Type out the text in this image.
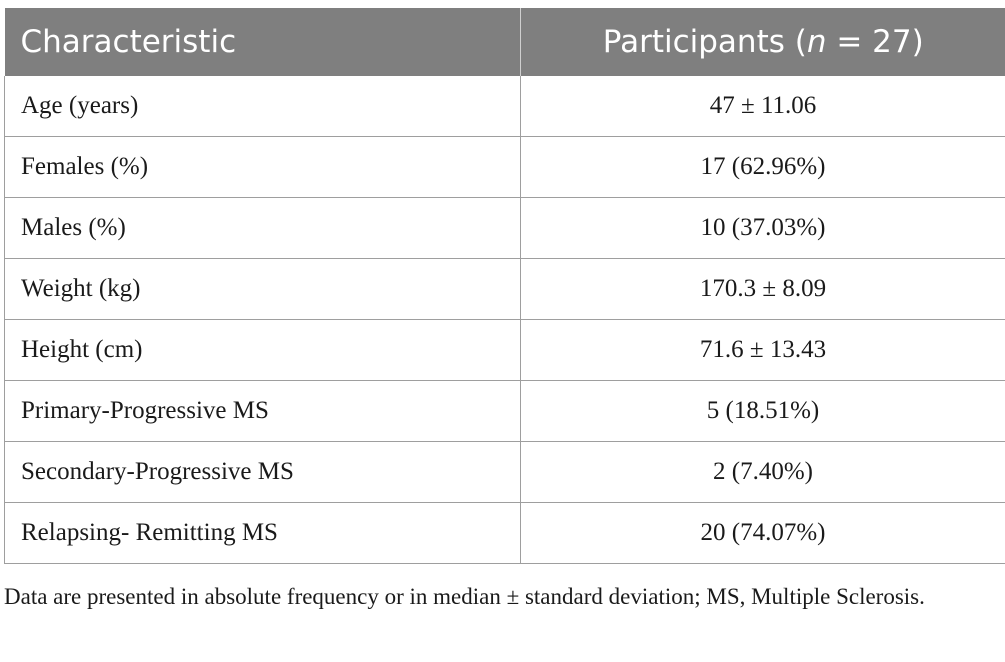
Characteristic	Participants (n = 27)
Age (years)	47 ± 11.06
Females (%)	17 (62.96%)
Males (%)	10 (37.03%)
Weight (kg)	170.3 ± 8.09
Height (cm)	71.6 ± 13.43
Primary-Progressive MS	5 (18.51%)
Secondary-Progressive MS	2 (7.40%)
Relapsing- Remitting MS	20 (74.07%)

Data are presented in absolute frequency or in median ± standard deviation; MS, Multiple Sclerosis.
